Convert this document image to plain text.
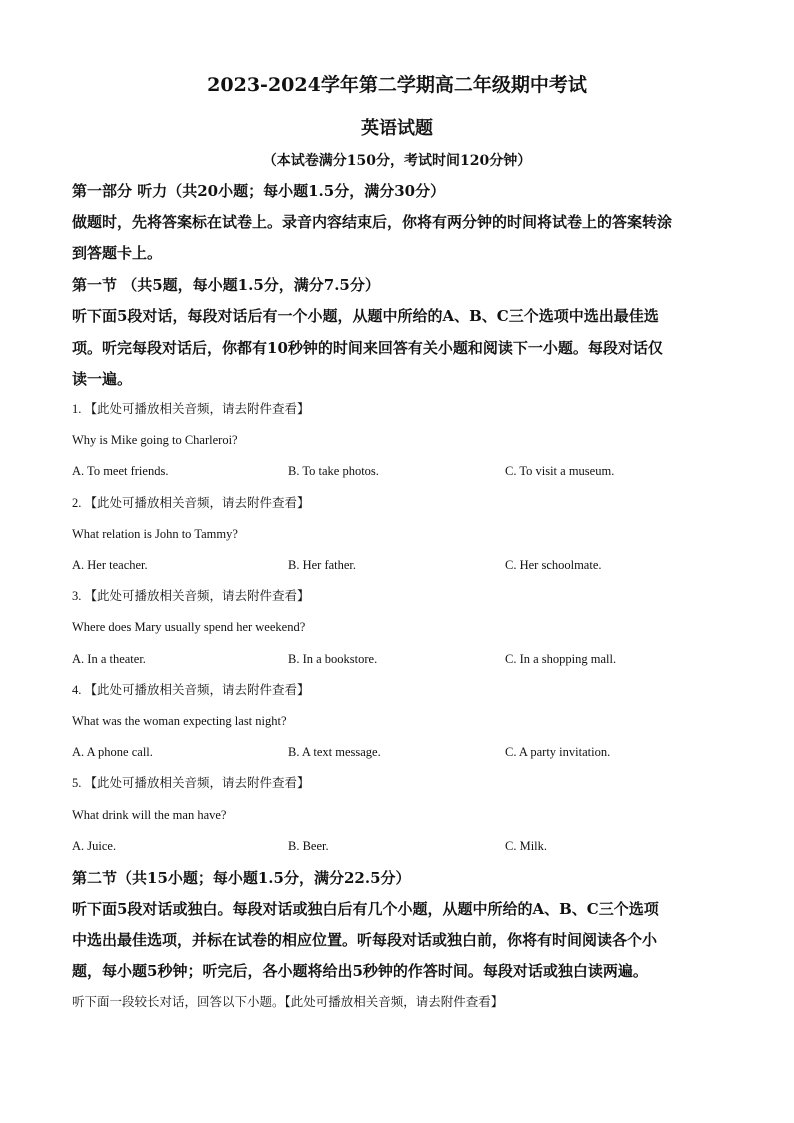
2023-2024学年第二学期高二年级期中考试
英语试题
（本试卷满分150分，考试时间120分钟）
第一部分 听力（共20小题；每小题1.5分，满分30分）
做题时，先将答案标在试卷上。录音内容结束后，你将有两分钟的时间将试卷上的答案转涂
到答题卡上。
第一节 （共5题，每小题1.5分，满分7.5分）
听下面5段对话，每段对话后有一个小题，从题中所给的A、B、C三个选项中选出最佳选
项。听完每段对话后，你都有10秒钟的时间来回答有关小题和阅读下一小题。每段对话仅
读一遍。
1. 【此处可播放相关音频，请去附件查看】
Why is Mike going to Charleroi?
A. To meet friends.	B. To take photos.	C. To visit a museum.
2. 【此处可播放相关音频，请去附件查看】
What relation is John to Tammy?
A. Her teacher.	B. Her father.	C. Her schoolmate.
3. 【此处可播放相关音频，请去附件查看】
Where does Mary usually spend her weekend?
A. In a theater.	B. In a bookstore.	C. In a shopping mall.
4. 【此处可播放相关音频，请去附件查看】
What was the woman expecting last night?
A. A phone call.	B. A text message.	C. A party invitation.
5. 【此处可播放相关音频，请去附件查看】
What drink will the man have?
A. Juice.	B. Beer.	C. Milk.
第二节（共15小题；每小题1.5分，满分22.5分）
听下面5段对话或独白。每段对话或独白后有几个小题，从题中所给的A、B、C三个选项
中选出最佳选项，并标在试卷的相应位置。听每段对话或独白前，你将有时间阅读各个小
题，每小题5秒钟；听完后，各小题将给出5秒钟的作答时间。每段对话或独白读两遍。
听下面一段较长对话，回答以下小题。【此处可播放相关音频，请去附件查看】
